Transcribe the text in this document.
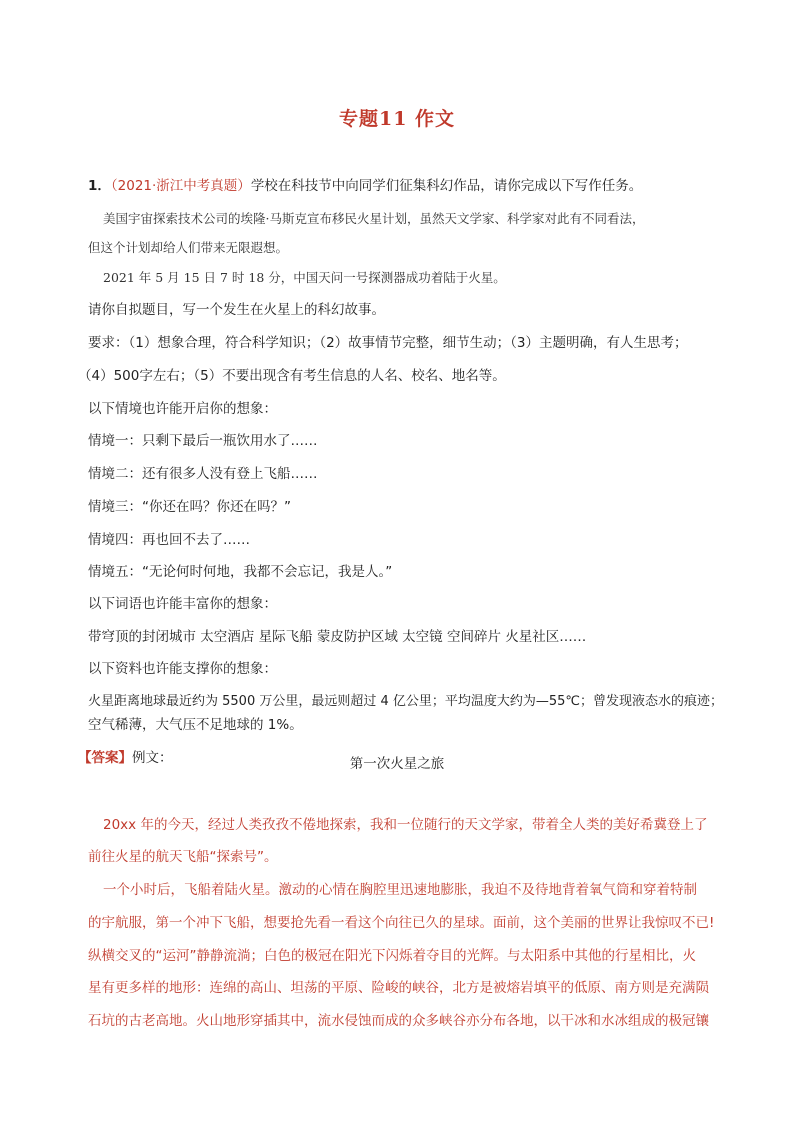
专题11 作文
1．（2021·浙江中考真题）学校在科技节中向同学们征集科幻作品，请你完成以下写作任务。
美国宇宙探索技术公司的埃隆·马斯克宣布移民火星计划，虽然天文学家、科学家对此有不同看法，
但这个计划却给人们带来无限遐想。
2021 年 5 月 15 日 7 时 18 分，中国天问一号探测器成功着陆于火星。
请你自拟题目，写一个发生在火星上的科幻故事。
要求：（1）想象合理，符合科学知识；（2）故事情节完整，细节生动；（3）主题明确，有人生思考；
（4）500字左右；（5）不要出现含有考生信息的人名、校名、地名等。
以下情境也许能开启你的想象：
情境一：只剩下最后一瓶饮用水了……
情境二：还有很多人没有登上飞船……
情境三：“你还在吗？你还在吗？”
情境四：再也回不去了……
情境五：“无论何时何地，我都不会忘记，我是人。”
以下词语也许能丰富你的想象：
带穹顶的封闭城市 太空酒店 星际飞船 蒙皮防护区域 太空镜 空间碎片 火星社区……
以下资料也许能支撑你的想象：
火星距离地球最近约为 5500 万公里，最远则超过 4 亿公里；平均温度大约为—55℃；曾发现液态水的痕迹；
空气稀薄，大气压不足地球的 1%。
【答案】例文：	第一次火星之旅
20xx 年的今天，经过人类孜孜不倦地探索，我和一位随行的天文学家，带着全人类的美好希冀登上了
前往火星的航天飞船“探索号”。
一个小时后，飞船着陆火星。激动的心情在胸腔里迅速地膨胀，我迫不及待地背着氧气筒和穿着特制
的宇航服，第一个冲下飞船，想要抢先看一看这个向往已久的星球。面前，这个美丽的世界让我惊叹不已!
纵横交叉的“运河”静静流淌；白色的极冠在阳光下闪烁着夺目的光辉。与太阳系中其他的行星相比，火
星有更多样的地形：连绵的高山、坦荡的平原、险峻的峡谷，北方是被熔岩填平的低原、南方则是充满陨
石坑的古老高地。火山地形穿插其中，流水侵蚀而成的众多峡谷亦分布各地，以干冰和水冰组成的极冠镶
